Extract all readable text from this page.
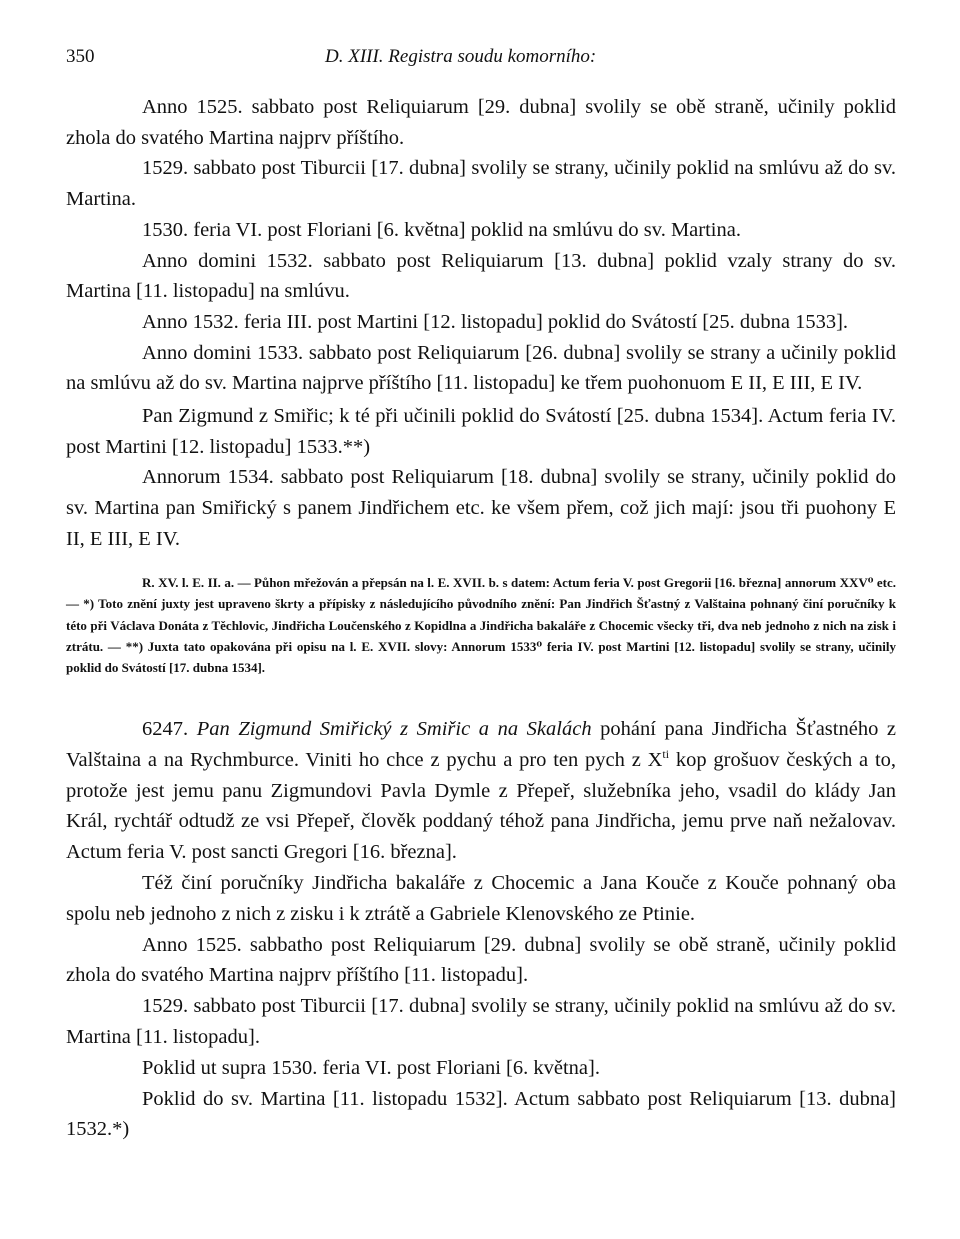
350	D. XIII. Registra soudu komorního:

Anno 1525. sabbato post Reliquiarum [29. dubna] svolily se obě straně, učinily poklid zhola do svatého Martina najprv příštího.

1529. sabbato post Tiburcii [17. dubna] svolily se strany, učinily poklid na smlúvu až do sv. Martina.

1530. feria VI. post Floriani [6. května] poklid na smlúvu do sv. Martina.

Anno domini 1532. sabbato post Reliquiarum [13. dubna] poklid vzaly strany do sv. Martina [11. listopadu] na smlúvu.

Anno 1532. feria III. post Martini [12. listopadu] poklid do Svátostí [25. dubna 1533].

Anno domini 1533. sabbato post Reliquiarum [26. dubna] svolily se strany a učinily poklid na smlúvu až do sv. Martina najprve příštího [11. listopadu] ke třem puohonuom E II, E III, E IV.

Pan Zigmund z Smiřic; k té při učinili poklid do Svátostí [25. dubna 1534]. Actum feria IV. post Martini [12. listopadu] 1533.**)

Annorum 1534. sabbato post Reliquiarum [18. dubna] svolily se strany, učinily poklid do sv. Martina pan Smiřický s panem Jindřichem etc. ke všem přem, což jich mají: jsou tři puohony E II, E III, E IV.

R. XV. l. E. II. a. — Půhon mřežován a přepsán na l. E. XVII. b. s datem: Actum feria V. post Gregorii [16. března] annorum XXV⁰ etc. — *) Toto znění juxty jest upraveno škrty a přípisky z následujícího původního znění: Pan Jindřich Šťastný z Valštaina pohnaný činí poručníky k této při Václava Donáta z Těchlovic, Jindřicha Loučenského z Kopidlna a Jindřicha bakaláře z Chocemic všecky tři, dva neb jednoho z nich na zisk i ztrátu. — **) Juxta tato opakována při opisu na l. E. XVII. slovy: Annorum 1533⁰ feria IV. post Martini [12. listopadu] svolily se strany, učinily poklid do Svátostí [17. dubna 1534].

6247. Pan Zigmund Smiřický z Smiřic a na Skalách pohání pana Jindřicha Šťastného z Valštaina a na Rychmburce. Viniti ho chce z pychu a pro ten pych z $X^{ti}$ kop grošuov českých a to, protože jest jemu panu Zigmundovi Pavla Dymle z Přepeř, služebníka jeho, vsadil do klády Jan Král, rychtář odtudž ze vsi Přepeř, člověk poddaný téhož pana Jindřicha, jemu prve naň nežalovav. Actum feria V. post sancti Gregori [16. března].

Též činí poručníky Jindřicha bakaláře z Chocemic a Jana Kouče z Kouče pohnaný oba spolu neb jednoho z nich z zisku i k ztrátě a Gabriele Klenovského ze Ptinie.

Anno 1525. sabbatho post Reliquiarum [29. dubna] svolily se obě straně, učinily poklid zhola do svatého Martina najprv příštího [11. listopadu].

1529. sabbato post Tiburcii [17. dubna] svolily se strany, učinily poklid na smlúvu až do sv. Martina [11. listopadu].

Poklid ut supra 1530. feria VI. post Floriani [6. května].

Poklid do sv. Martina [11. listopadu 1532]. Actum sabbato post Reliquiarum [13. dubna] 1532.*)
